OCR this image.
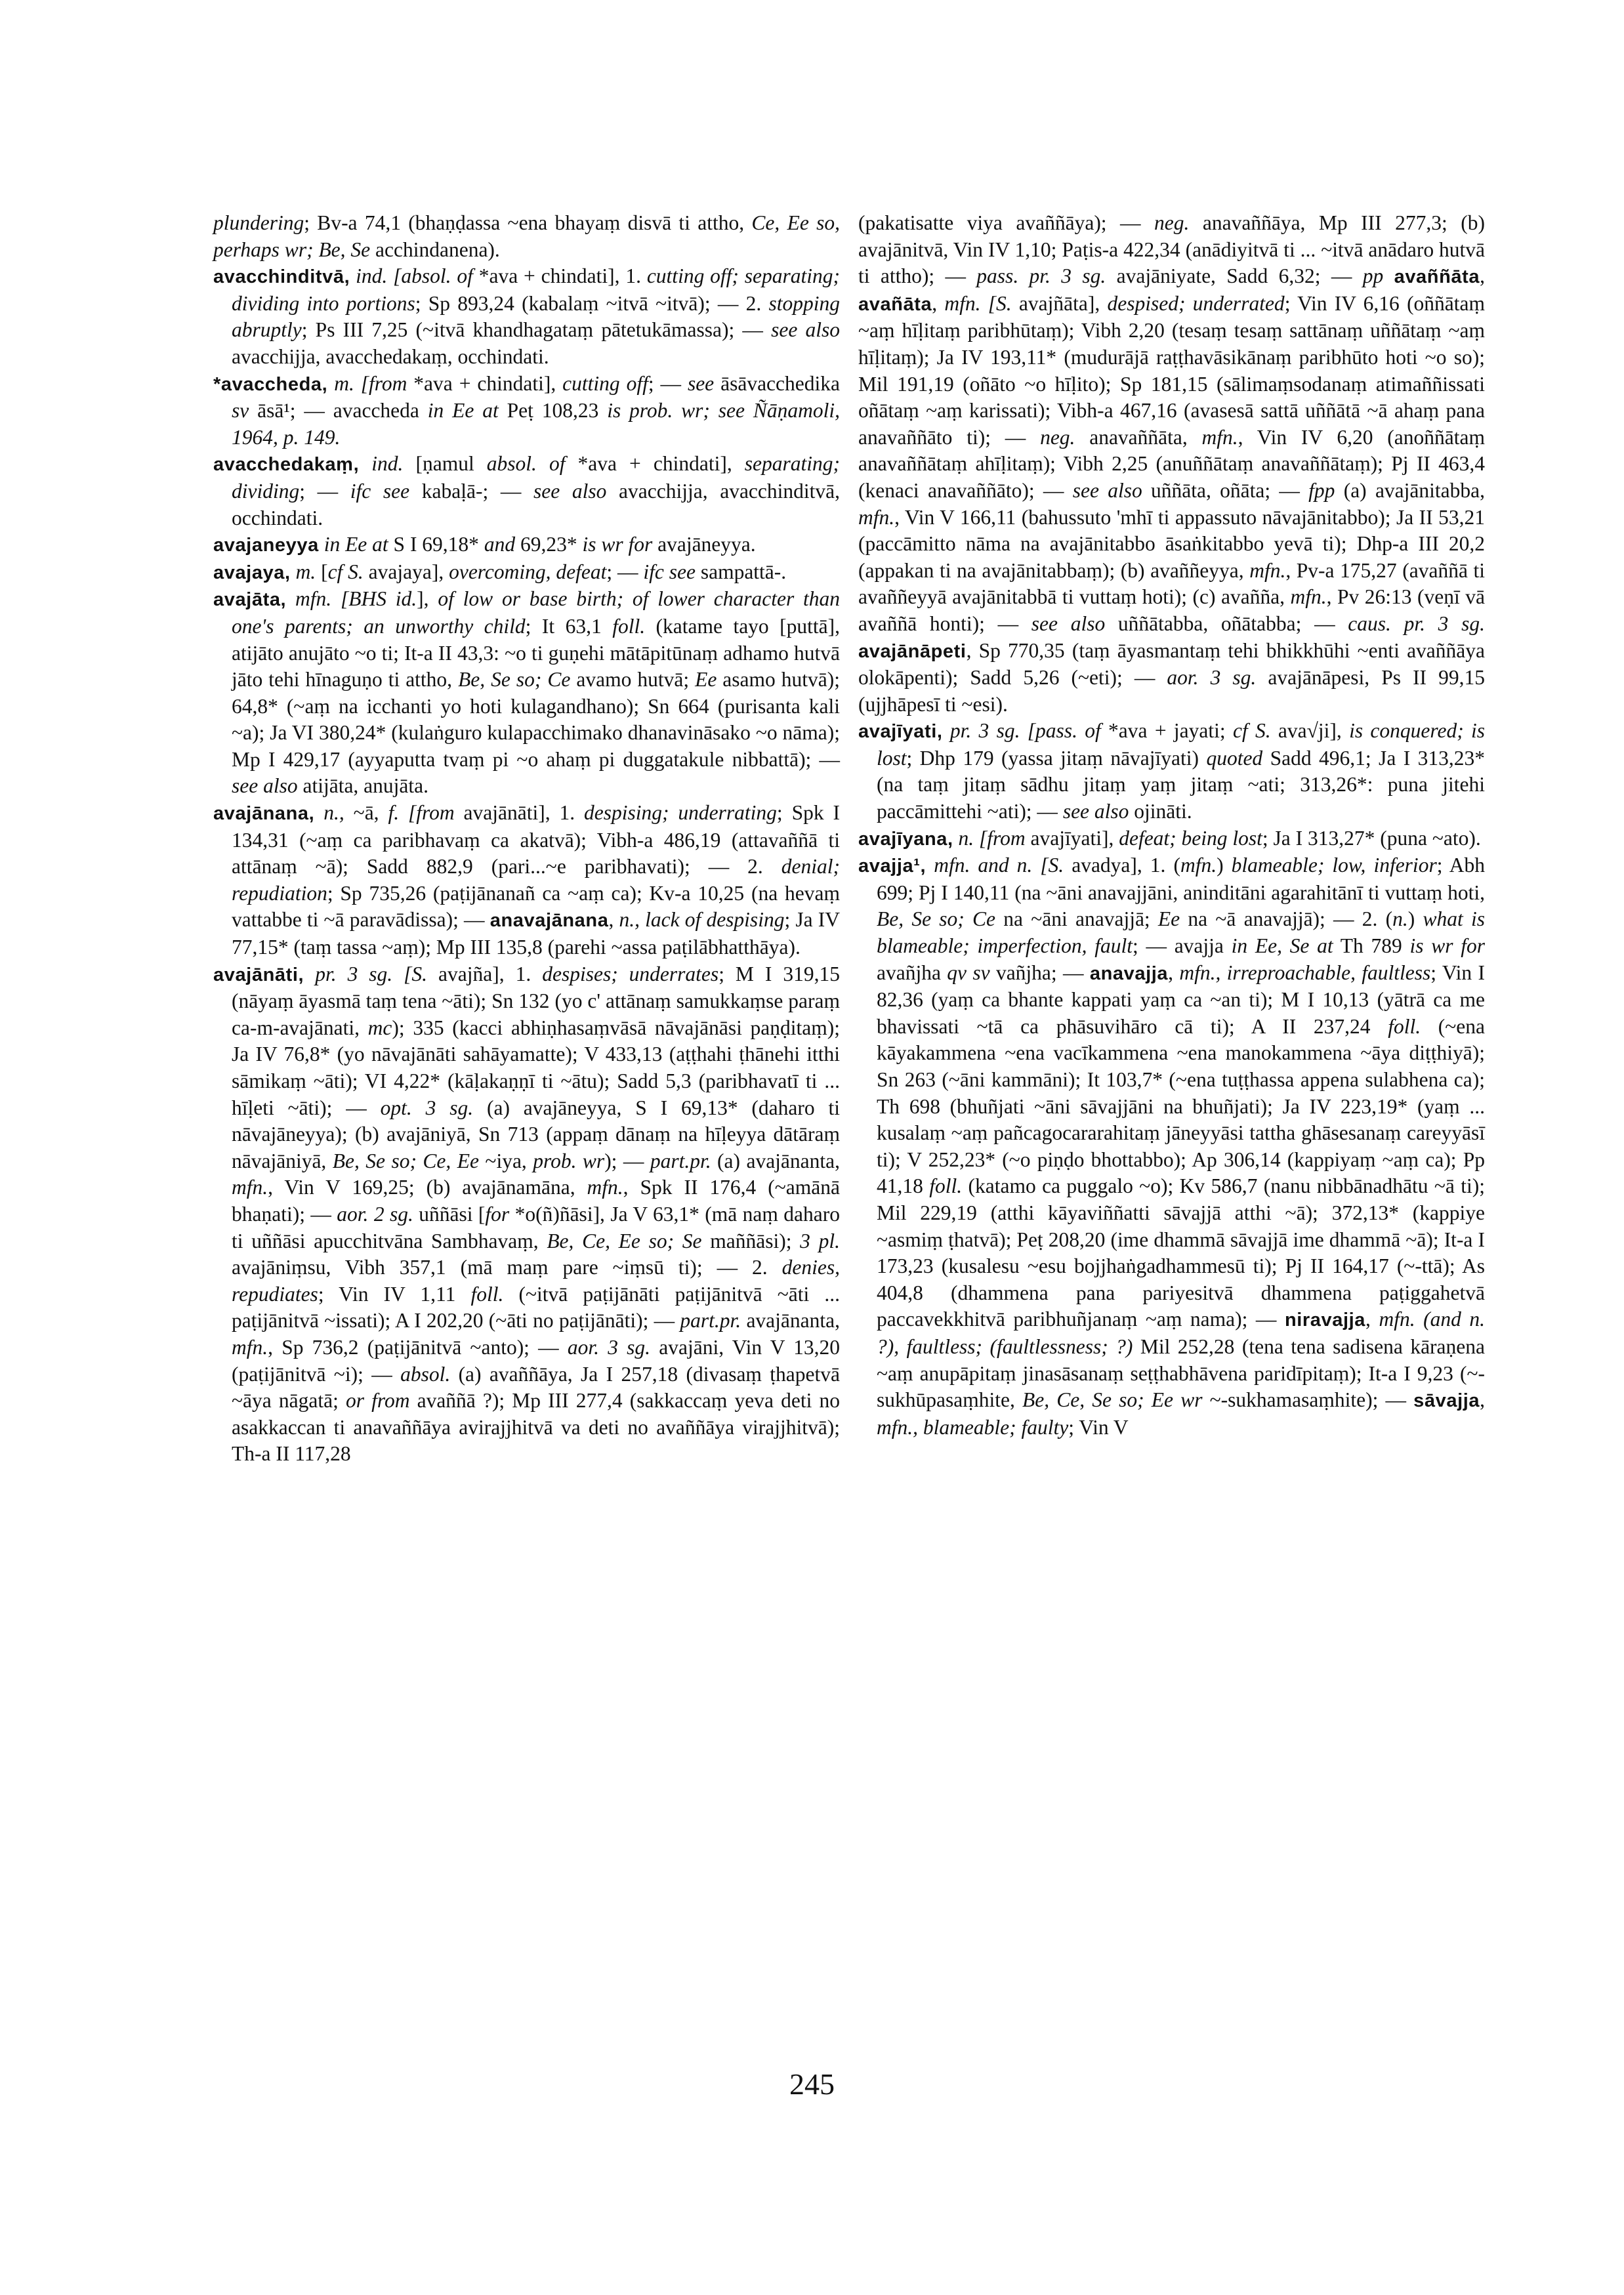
plundering; Bv-a 74,1 (bhaṇḍassa ~ena bhayaṃ disvā ti attho, Ce, Ee so, perhaps wr; Be, Se acchindanena).

avacchinditvā, ind. [absol. of *ava + chindati], 1. cutting off; separating; dividing into portions; Sp 893,24 (kabalaṃ ~itvā ~itvā); — 2. stopping abruptly; Ps III 7,25 (~itvā khandhagataṃ pātetukāmassa); — see also avacchijja, avacchedakaṃ, occhindati.

*avaccheda, m. [from *ava + chindati], cutting off; — see āsāvacchedika sv āsā¹; — avaccheda in Ee at Peṭ 108,23 is prob. wr; see Ñāṇamoli, 1964, p. 149.

avacchedakaṃ, ind. [ṇamul absol. of *ava + chindati], separating; dividing; — ifc see kabaḷā-; — see also avacchijja, avacchinditvā, occhindati.

avajaneyya in Ee at S I 69,18* and 69,23* is wr for avajāneyya.

avajaya, m. [cf S. avajaya], overcoming, defeat; — ifc see sampattā-.

avajāta, mfn. [BHS id.], of low or base birth; of lower character than one's parents; an unworthy child; It 63,1 foll. (katame tayo [puttā], atijāto anujāto ~o ti; It-a II 43,3: ~o ti guṇehi mātāpitūnaṃ adhamo hutvā jāto tehi hīnaguṇo ti attho, Be, Se so; Ce avamo hutvā; Ee asamo hutvā); 64,8* (~aṃ na icchanti yo hoti kulagandhano); Sn 664 (purisanta kali ~a); Ja VI 380,24* (kulaṅguro kulapacchimako dhanavināsako ~o nāma); Mp I 429,17 (ayyaputta tvaṃ pi ~o ahaṃ pi duggatakule nibbattā); — see also atijāta, anujāta.

avajānana, n., ~ā, f. [from avajānāti], 1. despising; underrating; Spk I 134,31 (~aṃ ca paribhavaṃ ca akatvā); Vibh-a 486,19 (attavaññā ti attānaṃ ~ā); Sadd 882,9 (pari...~e paribhavati); — 2. denial; repudiation; Sp 735,26 (paṭijānanañ ca ~aṃ ca); Kv-a 10,25 (na hevaṃ vattabbe ti ~ā paravādissa); — anavajānana, n., lack of despising; Ja IV 77,15* (taṃ tassa ~aṃ); Mp III 135,8 (parehi ~assa paṭilābhatthāya).

avajānāti, pr. 3 sg. [S. avajña], 1. despises; underrates; M I 319,15 (nāyaṃ āyasmā taṃ tena ~āti); Sn 132 (yo c' attānaṃ samukkaṃse paraṃ ca-m-avajānati, mc); 335 (kacci abhiṇhasaṃvāsā nāvajānāsi paṇḍitaṃ); Ja IV 76,8* (yo nāvajānāti sahāyamatte); V 433,13 (aṭṭhahi ṭhānehi itthi sāmikaṃ ~āti); VI 4,22* (kāḷakaṇṇī ti ~ātu); Sadd 5,3 (paribhavatī ti ... hīḷeti ~āti); — opt. 3 sg. (a) avajāneyya, S I 69,13* (daharo ti nāvajāneyya); (b) avajāniyā, Sn 713 (appaṃ dānaṃ na hīḷeyya dātāraṃ nāvajāniyā, Be, Se so; Ce, Ee ~iya, prob. wr); — part.pr. (a) avajānanta, mfn., Vin V 169,25; (b) avajānamāna, mfn., Spk II 176,4 (~amānā bhaṇati); — aor. 2 sg. uññāsi [for *o(ñ)ñāsi], Ja V 63,1* (mā naṃ daharo ti uññāsi apucchitvāna Sambhavaṃ, Be, Ce, Ee so; Se maññāsi); 3 pl. avajāniṃsu, Vibh 357,1 (mā maṃ pare ~iṃsū ti); — 2. denies, repudiates; Vin IV 1,11 foll. (~itvā paṭijānāti paṭijānitvā ~āti ... paṭijānitvā ~issati); A I 202,20 (~āti no paṭijānāti); — part.pr. avajānanta, mfn., Sp 736,2 (paṭijānitvā ~anto); — aor. 3 sg. avajāni, Vin V 13,20 (paṭijānitvā ~i); — absol. (a) avaññāya, Ja I 257,18 (divasaṃ ṭhapetvā ~āya nāgatā; or from avaññā ?); Mp III 277,4 (sakkaccaṃ yeva deti no asakkaccan ti anavaññāya avirajjhitvā va deti no avaññāya virajjhitvā); Th-a II 117,28

(pakatisatte viya avaññāya); — neg. anavaññāya, Mp III 277,3; (b) avajānitvā, Vin IV 1,10; Paṭis-a 422,34 (anādiyitvā ti ... ~itvā anādaro hutvā ti attho); — pass. pr. 3 sg. avajāniyate, Sadd 6,32; — pp avaññāta, avañāta, mfn. [S. avajñāta], despised; underrated; Vin IV 6,16 (oññātaṃ ~aṃ hīḷitaṃ paribhūtaṃ); Vibh 2,20 (tesaṃ tesaṃ sattānaṃ uññātaṃ ~aṃ hīḷitaṃ); Ja IV 193,11* (mudurājā raṭṭhavāsikānaṃ paribhūto hoti ~o so); Mil 191,19 (oñāto ~o hīḷito); Sp 181,15 (sālimaṃsodanaṃ atimaññissati oñātaṃ ~aṃ karissati); Vibh-a 467,16 (avasesā sattā uññātā ~ā ahaṃ pana anavaññāto ti); — neg. anavaññāta, mfn., Vin IV 6,20 (anoññātaṃ anavaññātaṃ ahīḷitaṃ); Vibh 2,25 (anuññātaṃ anavaññātaṃ); Pj II 463,4 (kenaci anavaññāto); — see also uññāta, oñāta; — fpp (a) avajānitabba, mfn., Vin V 166,11 (bahussuto 'mhī ti appassuto nāvajānitabbo); Ja II 53,21 (paccāmitto nāma na avajānitabbo āsaṅkitabbo yevā ti); Dhp-a III 20,2 (appakan ti na avajānitabbaṃ); (b) avaññeyya, mfn., Pv-a 175,27 (avaññā ti avaññeyyā avajānitabbā ti vuttaṃ hoti); (c) avañña, mfn., Pv 26:13 (veṇī vā avaññā honti); — see also uññātabba, oñātabba; — caus. pr. 3 sg. avajānāpeti, Sp 770,35 (taṃ āyasmantaṃ tehi bhikkhūhi ~enti avaññāya olokāpenti); Sadd 5,26 (~eti); — aor. 3 sg. avajānāpesi, Ps II 99,15 (ujjhāpesī ti ~esi).

avajīyati, pr. 3 sg. [pass. of *ava + jayati; cf S. ava√ji], is conquered; is lost; Dhp 179 (yassa jitaṃ nāvajīyati) quoted Sadd 496,1; Ja I 313,23* (na taṃ jitaṃ sādhu jitaṃ yaṃ jitaṃ ~ati; 313,26*: puna jitehi paccāmittehi ~ati); — see also ojināti.

avajīyana, n. [from avajīyati], defeat; being lost; Ja I 313,27* (puna ~ato).

avajja¹, mfn. and n. [S. avadya], 1. (mfn.) blameable; low, inferior; Abh 699; Pj I 140,11 (na ~āni anavajjāni, aninditāni agarahitānī ti vuttaṃ hoti, Be, Se so; Ce na ~āni anavajjā; Ee na ~ā anavajjā); — 2. (n.) what is blameable; imperfection, fault; — avajja in Ee, Se at Th 789 is wr for avañjha qv sv vañjha; — anavajja, mfn., irreproachable, faultless; Vin I 82,36 (yaṃ ca bhante kappati yaṃ ca ~an ti); M I 10,13 (yātrā ca me bhavissati ~tā ca phāsuvihāro cā ti); A II 237,24 foll. (~ena kāyakammena ~ena vacīkammena ~ena manokammena ~āya diṭṭhiyā); Sn 263 (~āni kammāni); It 103,7* (~ena tuṭṭhassa appena sulabhena ca); Th 698 (bhuñjati ~āni sāvajjāni na bhuñjati); Ja IV 223,19* (yaṃ ... kusalaṃ ~aṃ pañcagocararahitaṃ jāneyyāsi tattha ghāsesanaṃ careyyāsī ti); V 252,23* (~o piṇḍo bhottabbo); Ap 306,14 (kappiyaṃ ~aṃ ca); Pp 41,18 foll. (katamo ca puggalo ~o); Kv 586,7 (nanu nibbānadhātu ~ā ti); Mil 229,19 (atthi kāyaviññatti sāvajjā atthi ~ā); 372,13* (kappiye ~asmiṃ ṭhatvā); Peṭ 208,20 (ime dhammā sāvajjā ime dhammā ~ā); It-a I 173,23 (kusalesu ~esu bojjhaṅgadhammesū ti); Pj II 164,17 (~-ttā); As 404,8 (dhammena pana pariyesitvā dhammena paṭiggahetvā paccavekkhitvā paribhuñjanaṃ ~aṃ nama); — niravajja, mfn. (and n. ?), faultless; (faultlessness; ?) Mil 252,28 (tena tena sadisena kāraṇena ~aṃ anupāpitaṃ jinasāsanaṃ seṭṭhabhāvena paridīpitaṃ); It-a I 9,23 (~-sukhūpasaṃhite, Be, Ce, Se so; Ee wr ~-sukhamasaṃhite); — sāvajja, mfn., blameable; faulty; Vin V

245
